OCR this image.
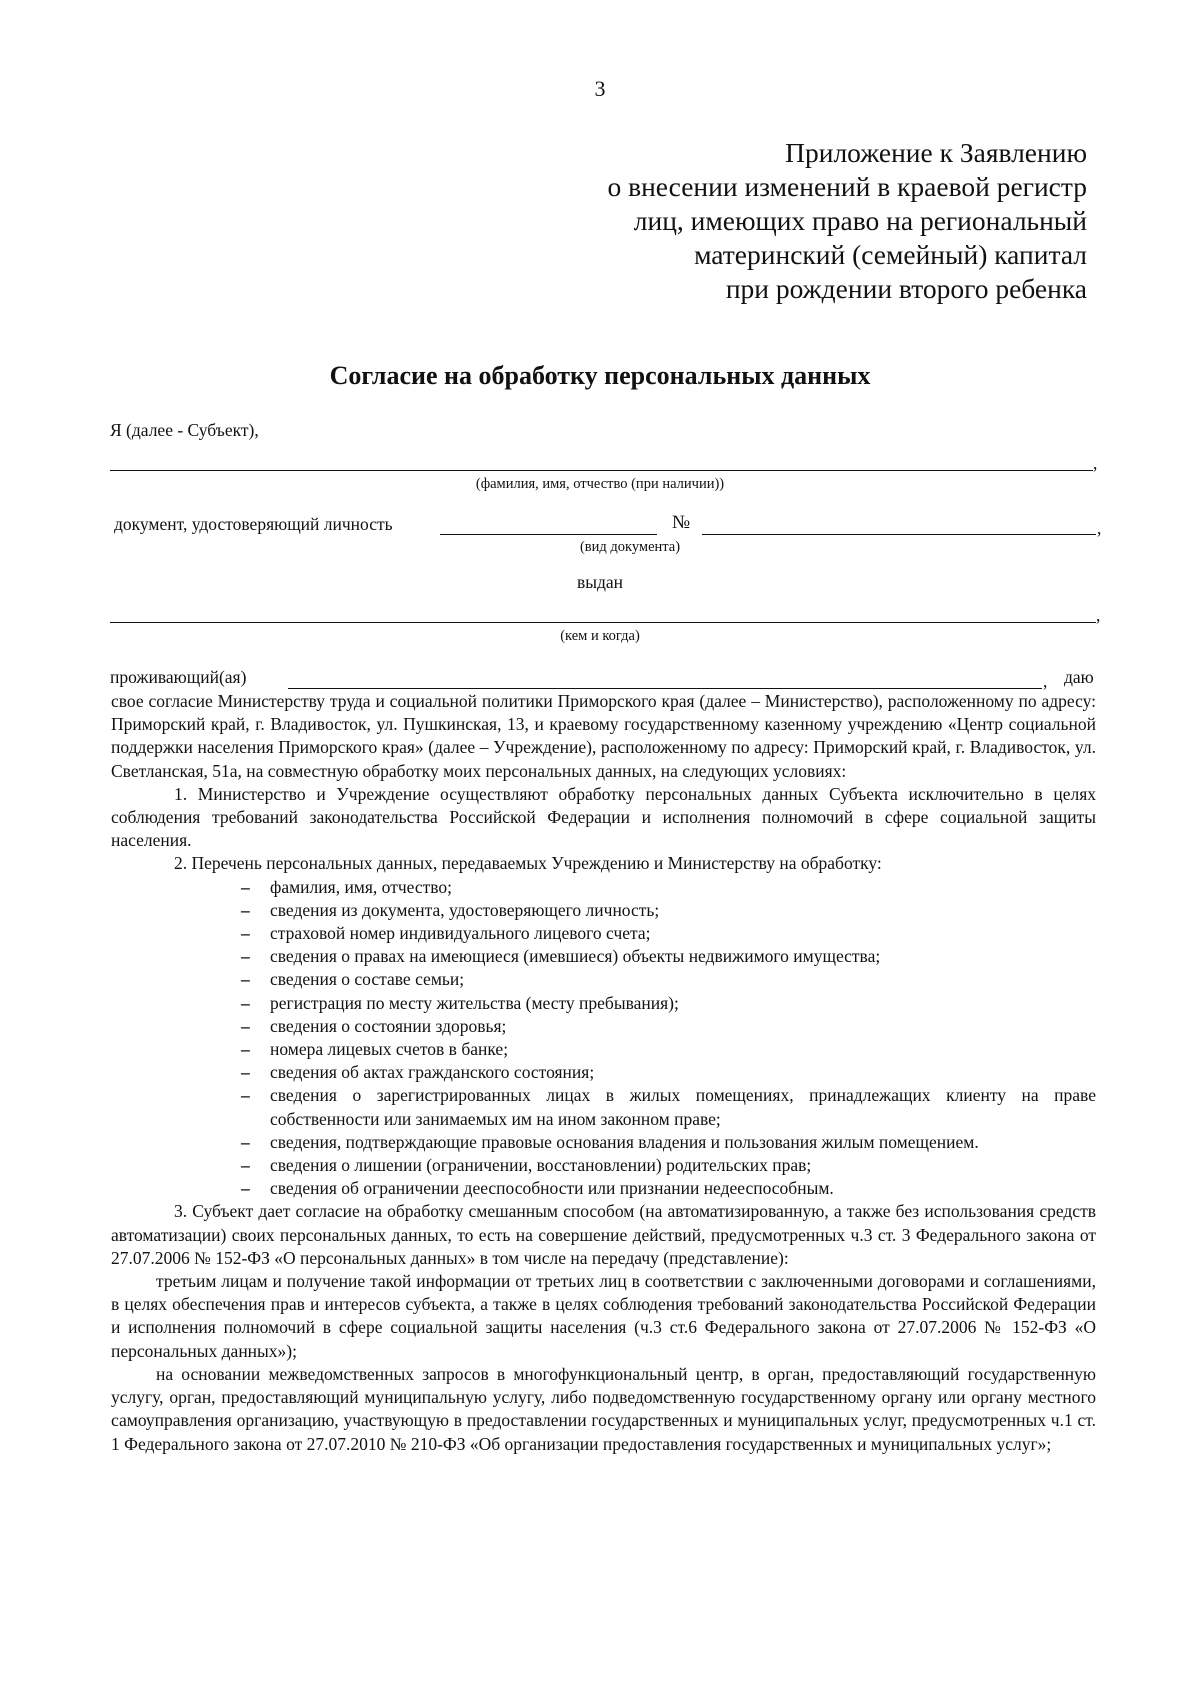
3
Приложение к Заявлению
о внесении изменений в краевой регистр
лиц, имеющих право на региональный
материнский (семейный) капитал
при рождении второго ребенка
Согласие на обработку персональных данных
Я (далее - Субъект),
,
(фамилия, имя, отчество (при наличии))
документ, удостоверяющий личность	№	,
(вид документа)
выдан
,
(кем и когда)
проживающий(ая)	, даю

свое согласие Министерству труда и социальной политики Приморского края (далее – Министерство), расположенному по адресу: Приморский край, г. Владивосток, ул. Пушкинская, 13, и краевому государственному казенному учреждению «Центр социальной поддержки населения Приморского края» (далее – Учреждение), расположенному по адресу: Приморский край, г. Владивосток, ул. Светланская, 51а, на совместную обработку моих персональных данных, на следующих условиях:

1. Министерство и Учреждение осуществляют обработку персональных данных Субъекта исключительно в целях соблюдения требований законодательства Российской Федерации и исполнения полномочий в сфере социальной защиты населения.

2. Перечень персональных данных, передаваемых Учреждению и Министерству на обработку:

– фамилия, имя, отчество;
– сведения из документа, удостоверяющего личность;
– страховой номер индивидуального лицевого счета;
– сведения о правах на имеющиеся (имевшиеся) объекты недвижимого имущества;
– сведения о составе семьи;
– регистрация по месту жительства (месту пребывания);
– сведения о состоянии здоровья;
– номера лицевых счетов в банке;
– сведения об актах гражданского состояния;
– сведения о зарегистрированных лицах в жилых помещениях, принадлежащих клиенту на праве собственности или занимаемых им на ином законном праве;
– сведения, подтверждающие правовые основания владения и пользования жилым помещением.
– сведения о лишении (ограничении, восстановлении) родительских прав;
– сведения об ограничении дееспособности или признании недееспособным.

3. Субъект дает согласие на обработку смешанным способом (на автоматизированную, а также без использования средств автоматизации) своих персональных данных, то есть на совершение действий, предусмотренных ч.3 ст. 3 Федерального закона от 27.07.2006 № 152-ФЗ «О персональных данных» в том числе на передачу (представление):

третьим лицам и получение такой информации от третьих лиц в соответствии с заключенными договорами и соглашениями, в целях обеспечения прав и интересов субъекта, а также в целях соблюдения требований законодательства Российской Федерации и исполнения полномочий в сфере социальной защиты населения (ч.3 ст.6 Федерального закона от 27.07.2006 № 152-ФЗ «О персональных данных»);

на основании межведомственных запросов в многофункциональный центр, в орган, предоставляющий государственную услугу, орган, предоставляющий муниципальную услугу, либо подведомственную государственному органу или органу местного самоуправления организацию, участвующую в предоставлении государственных и муниципальных услуг, предусмотренных ч.1 ст. 1 Федерального закона от 27.07.2010 № 210-ФЗ «Об организации предоставления государственных и муниципальных услуг»;
